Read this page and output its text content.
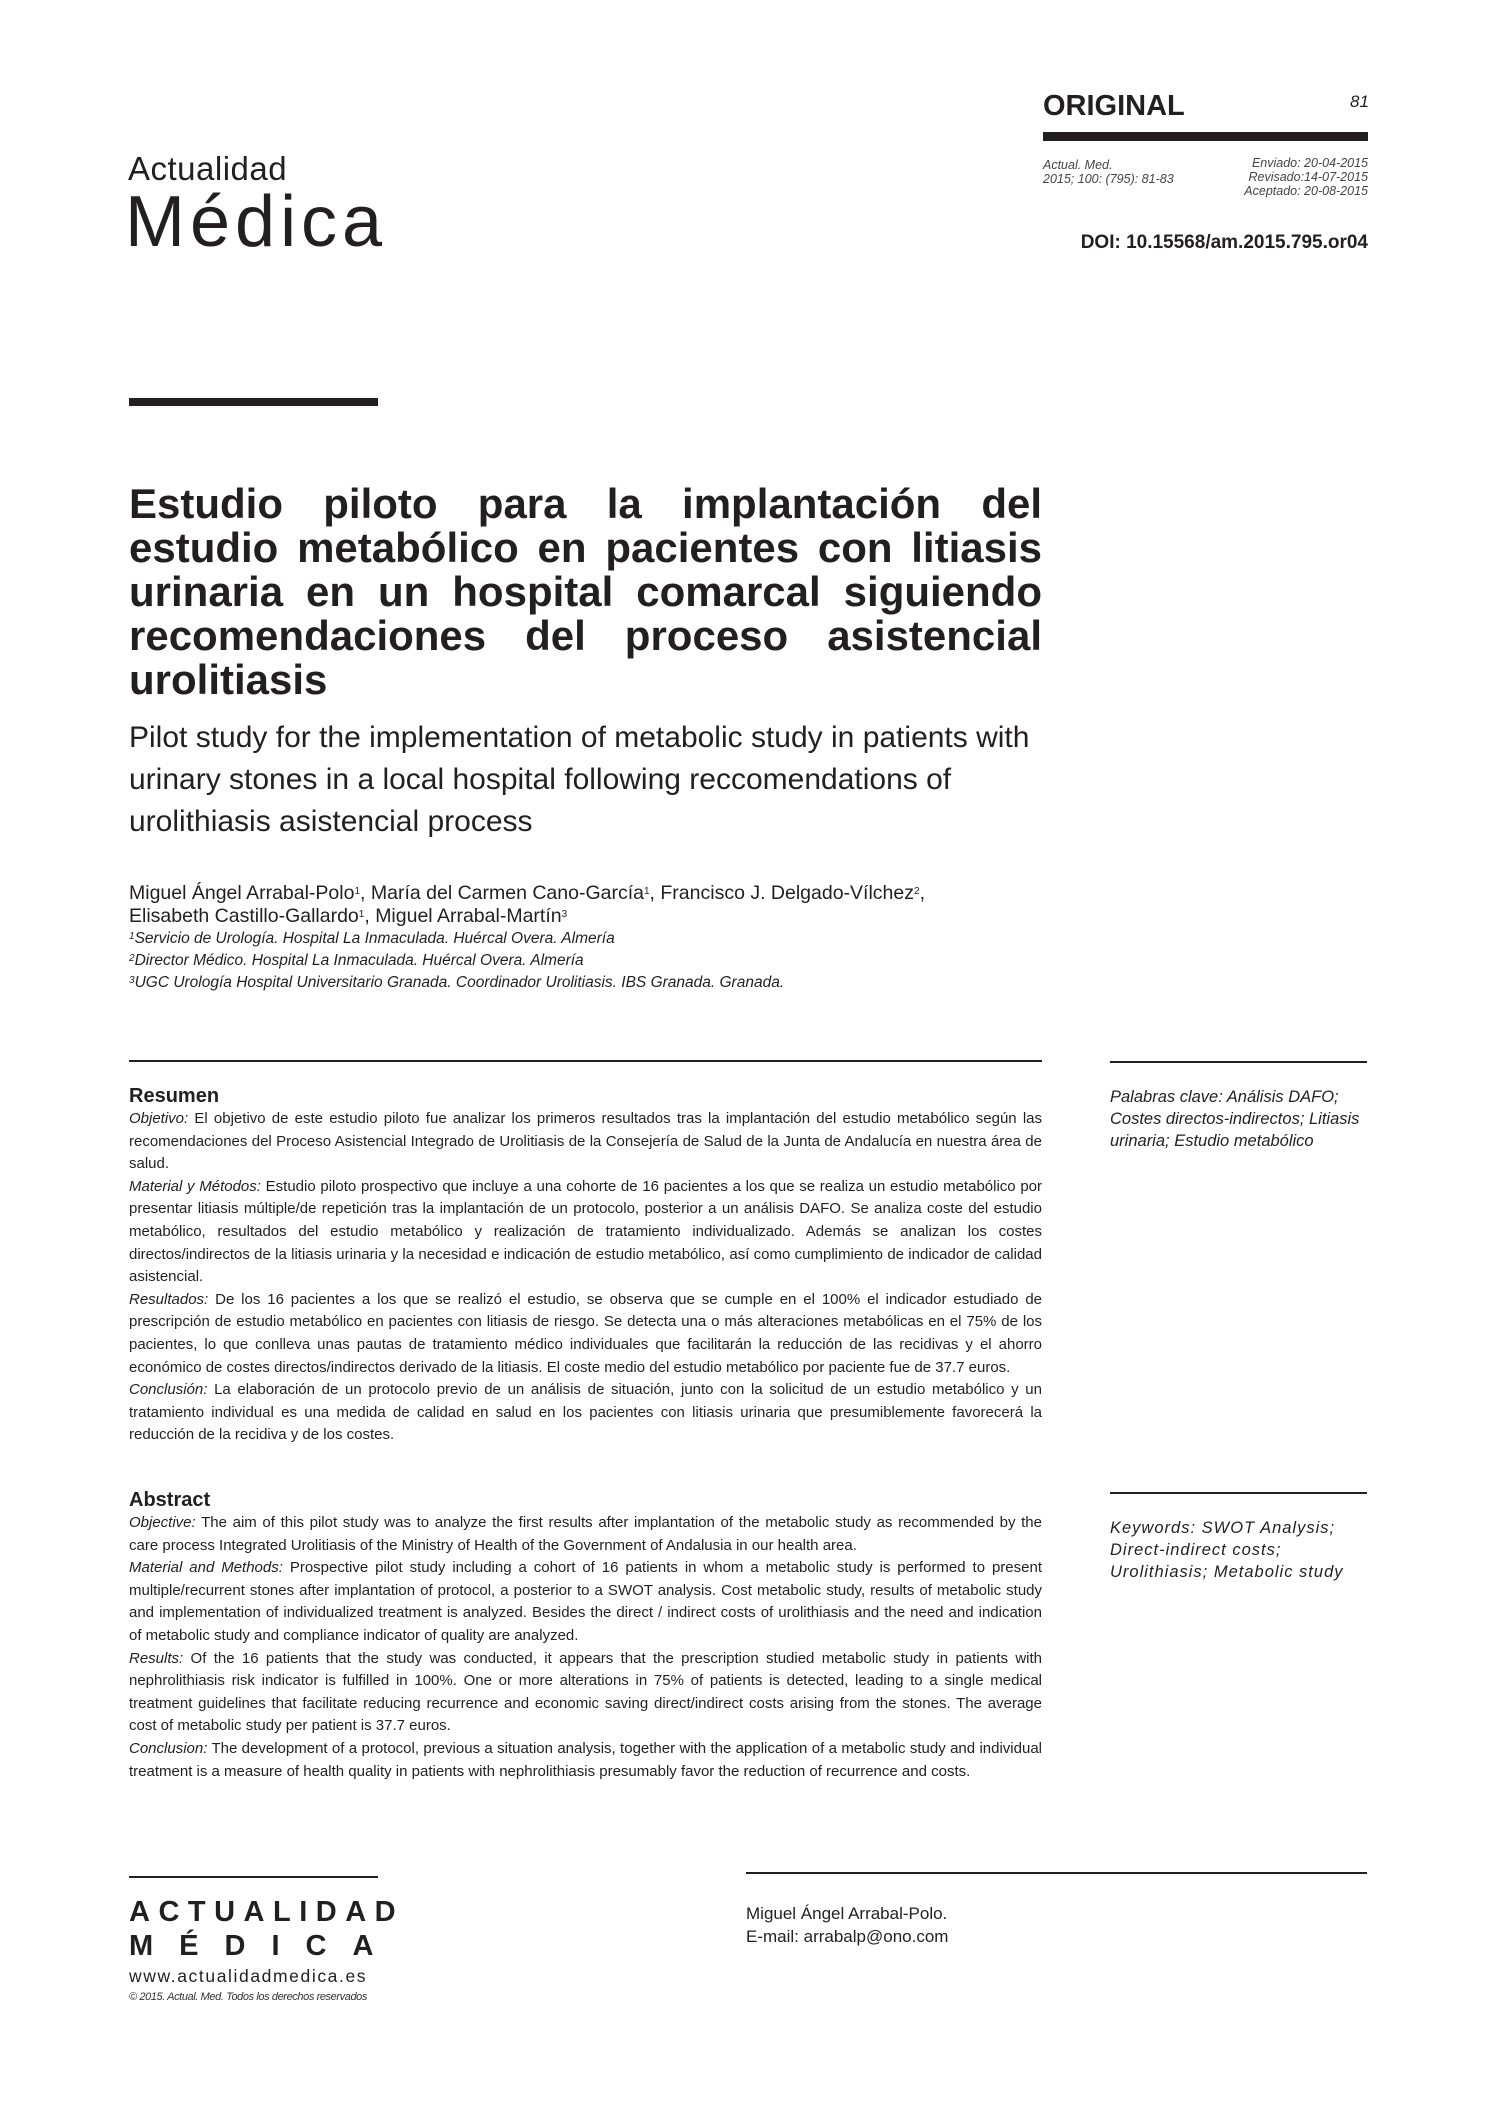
Actualidad
Médica
ORIGINAL	81
Actual. Med.
2015; 100: (795): 81-83
Enviado: 20-04-2015
Revisado:14-07-2015
Aceptado: 20-08-2015
DOI: 10.15568/am.2015.795.or04
Estudio piloto para la implantación del estudio metabólico en pacientes con litiasis urinaria en un hospital comarcal siguiendo recomendaciones del proceso asistencial urolitiasis
Pilot study for the implementation of metabolic study in patients with urinary stones in a local hospital following reccomendations of urolithiasis asistencial process
Miguel Ángel Arrabal-Polo$^1$, María del Carmen Cano-García$^1$, Francisco J. Delgado-Vílchez$^2$,
Elisabeth Castillo-Gallardo$^1$, Miguel Arrabal-Martín$^3$
$^1$Servicio de Urología. Hospital La Inmaculada. Huércal Overa. Almería
$^2$Director Médico. Hospital La Inmaculada. Huércal Overa. Almería
$^3$UGC Urología Hospital Universitario Granada. Coordinador Urolitiasis. IBS Granada. Granada.
Resumen

Objetivo: El objetivo de este estudio piloto fue analizar los primeros resultados tras la implantación del estudio metabólico según las recomendaciones del Proceso Asistencial Integrado de Urolitiasis de la Consejería de Salud de la Junta de Andalucía en nuestra área de salud.

Material y Métodos: Estudio piloto prospectivo que incluye a una cohorte de 16 pacientes a los que se realiza un estudio metabólico por presentar litiasis múltiple/de repetición tras la implantación de un protocolo, posterior a un análisis DAFO. Se analiza coste del estudio metabólico, resultados del estudio metabólico y realización de tratamiento individualizado. Además se analizan los costes directos/indirectos de la litiasis urinaria y la necesidad e indicación de estudio metabólico, así como cumplimiento de indicador de calidad asistencial.

Resultados: De los 16 pacientes a los que se realizó el estudio, se observa que se cumple en el 100% el indicador estudiado de prescripción de estudio metabólico en pacientes con litiasis de riesgo. Se detecta una o más alteraciones metabólicas en el 75% de los pacientes, lo que conlleva unas pautas de tratamiento médico individuales que facilitarán la reducción de las recidivas y el ahorro económico de costes directos/indirectos derivado de la litiasis. El coste medio del estudio metabólico por paciente fue de 37.7 euros.

Conclusión: La elaboración de un protocolo previo de un análisis de situación, junto con la solicitud de un estudio metabólico y un tratamiento individual es una medida de calidad en salud en los pacientes con litiasis urinaria que presumiblemente favorecerá la reducción de la recidiva y de los costes.

Palabras clave: Análisis DAFO; Costes directos-indirectos; Litiasis urinaria; Estudio metabólico
Abstract

Objective: The aim of this pilot study was to analyze the first results after implantation of the metabolic study as recommended by the care process Integrated Urolitiasis of the Ministry of Health of the Government of Andalusia in our health area.

Material and Methods: Prospective pilot study including a cohort of 16 patients in whom a metabolic study is performed to present multiple/recurrent stones after implantation of protocol, a posterior to a SWOT analysis. Cost metabolic study, results of metabolic study and implementation of individualized treatment is analyzed. Besides the direct / indirect costs of urolithiasis and the need and indication of metabolic study and compliance indicator of quality are analyzed.

Results: Of the 16 patients that the study was conducted, it appears that the prescription studied metabolic study in patients with nephrolithiasis risk indicator is fulfilled in 100%. One or more alterations in 75% of patients is detected, leading to a single medical treatment guidelines that facilitate reducing recurrence and economic saving direct/indirect costs arising from the stones. The average cost of metabolic study per patient is 37.7 euros.

Conclusion: The development of a protocol, previous a situation analysis, together with the application of a metabolic study and individual treatment is a measure of health quality in patients with nephrolithiasis presumably favor the reduction of recurrence and costs.

Keywords: SWOT Analysis; Direct-indirect costs; Urolithiasis; Metabolic study
ACTUALIDAD
MÉDICA
www.actualidadmedica.es
© 2015. Actual. Med. Todos los derechos reservados
Miguel Ángel Arrabal-Polo.
E-mail: arrabalp@ono.com
